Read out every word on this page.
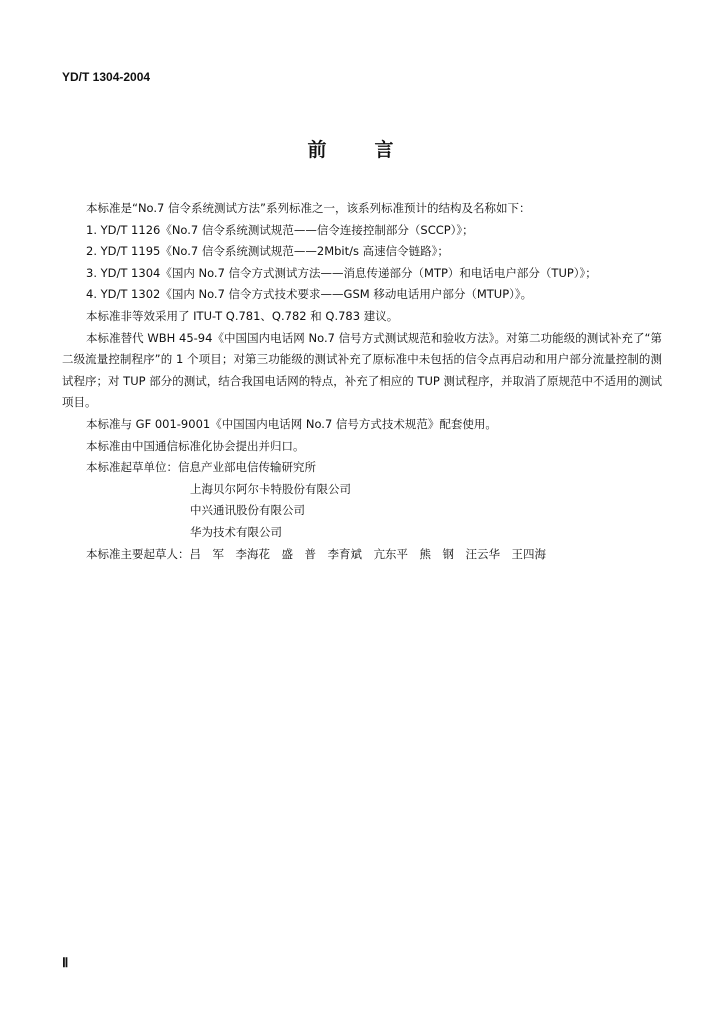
YD/T 1304-2004
前言

本标准是“No.7 信令系统测试方法”系列标准之一，该系列标准预计的结构及名称如下：

1. YD/T 1126《No.7 信令系统测试规范——信令连接控制部分（SCCP）》；

2. YD/T 1195《No.7 信令系统测试规范——2Mbit/s 高速信令链路》；

3. YD/T 1304《国内 No.7 信令方式测试方法——消息传递部分（MTP）和电话电户部分（TUP）》；

4. YD/T 1302《国内 No.7 信令方式技术要求——GSM 移动电话用户部分（MTUP）》。

本标准非等效采用了 ITU-T Q.781、Q.782 和 Q.783 建议。

本标准替代 WBH 45-94《中国国内电话网 No.7 信号方式测试规范和验收方法》。对第二功能级的测试补充了“第二级流量控制程序”的 1 个项目；对第三功能级的测试补充了原标准中未包括的信令点再启动和用户部分流量控制的测试程序；对 TUP 部分的测试，结合我国电话网的特点，补充了相应的 TUP 测试程序，并取消了原规范中不适用的测试项目。

本标准与 GF 001-9001《中国国内电话网 No.7 信号方式技术规范》配套使用。

本标准由中国通信标准化协会提出并归口。

本标准起草单位：信息产业部电信传输研究所

上海贝尔阿尔卡特股份有限公司

中兴通讯股份有限公司

华为技术有限公司

本标准主要起草人：吕　军　李海花　盛　普　李育斌　亢东平　熊　钢　汪云华　王四海

Ⅱ
